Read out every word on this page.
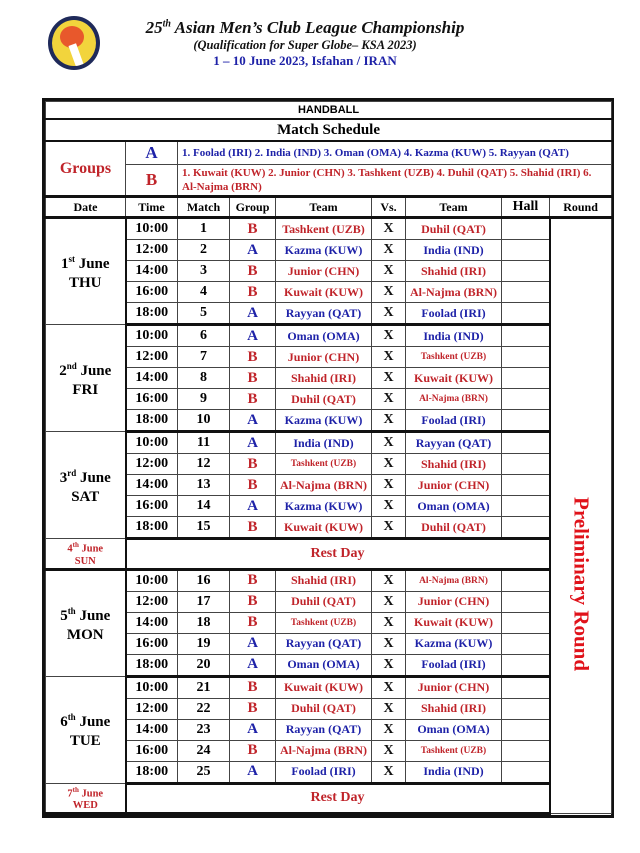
25th Asian Men’s Club League Championship
(Qualification for Super Globe– KSA 2023)
1 – 10 June 2023, Isfahan / IRAN
HANDBALL								
Match Schedule								
Groups	A	1. Foolad (IRI) 2. India (IND) 3. Oman (OMA) 4. Kazma (KUW) 5. Rayyan (QAT)						
	B	1. Kuwait (KUW) 2. Junior (CHN) 3. Tashkent (UZB) 4. Duhil (QAT) 5. Shahid (IRI) 6. Al-Najma (BRN)						
Date	Time	Match	Group	Team	Vs.	Team	Hall	Round
1st June
THU	10:00	1	B	Tashkent (UZB)	X	Duhil (QAT)		Preliminary Round
	12:00	2	A	Kazma (KUW)	X	India (IND)		
	14:00	3	B	Junior (CHN)	X	Shahid (IRI)		
	16:00	4	B	Kuwait (KUW)	X	Al-Najma (BRN)		
	18:00	5	A	Rayyan (QAT)	X	Foolad (IRI)		
2nd June
FRI	10:00	6	A	Oman (OMA)	X	India (IND)		
	12:00	7	B	Junior (CHN)	X	Tashkent (UZB)		
	14:00	8	B	Shahid (IRI)	X	Kuwait (KUW)		
	16:00	9	B	Duhil (QAT)	X	Al-Najma (BRN)		
	18:00	10	A	Kazma (KUW)	X	Foolad (IRI)		
3rd June
SAT	10:00	11	A	India (IND)	X	Rayyan (QAT)		
	12:00	12	B	Tashkent (UZB)	X	Shahid (IRI)		
	14:00	13	B	Al-Najma (BRN)	X	Junior (CHN)		
	16:00	14	A	Kazma (KUW)	X	Oman (OMA)		
	18:00	15	B	Kuwait (KUW)	X	Duhil (QAT)		
4th June
SUN	Rest Day							
5th June
MON	10:00	16	B	Shahid (IRI)	X	Al-Najma (BRN)		
	12:00	17	B	Duhil (QAT)	X	Junior (CHN)		
	14:00	18	B	Tashkent (UZB)	X	Kuwait (KUW)		
	16:00	19	A	Rayyan (QAT)	X	Kazma (KUW)		
	18:00	20	A	Oman (OMA)	X	Foolad (IRI)		
6th June
TUE	10:00	21	B	Kuwait (KUW)	X	Junior (CHN)		
	12:00	22	B	Duhil (QAT)	X	Shahid (IRI)		
	14:00	23	A	Rayyan (QAT)	X	Oman (OMA)		
	16:00	24	B	Al-Najma (BRN)	X	Tashkent (UZB)		
	18:00	25	A	Foolad (IRI)	X	India (IND)		
7th June
WED	Rest Day							
